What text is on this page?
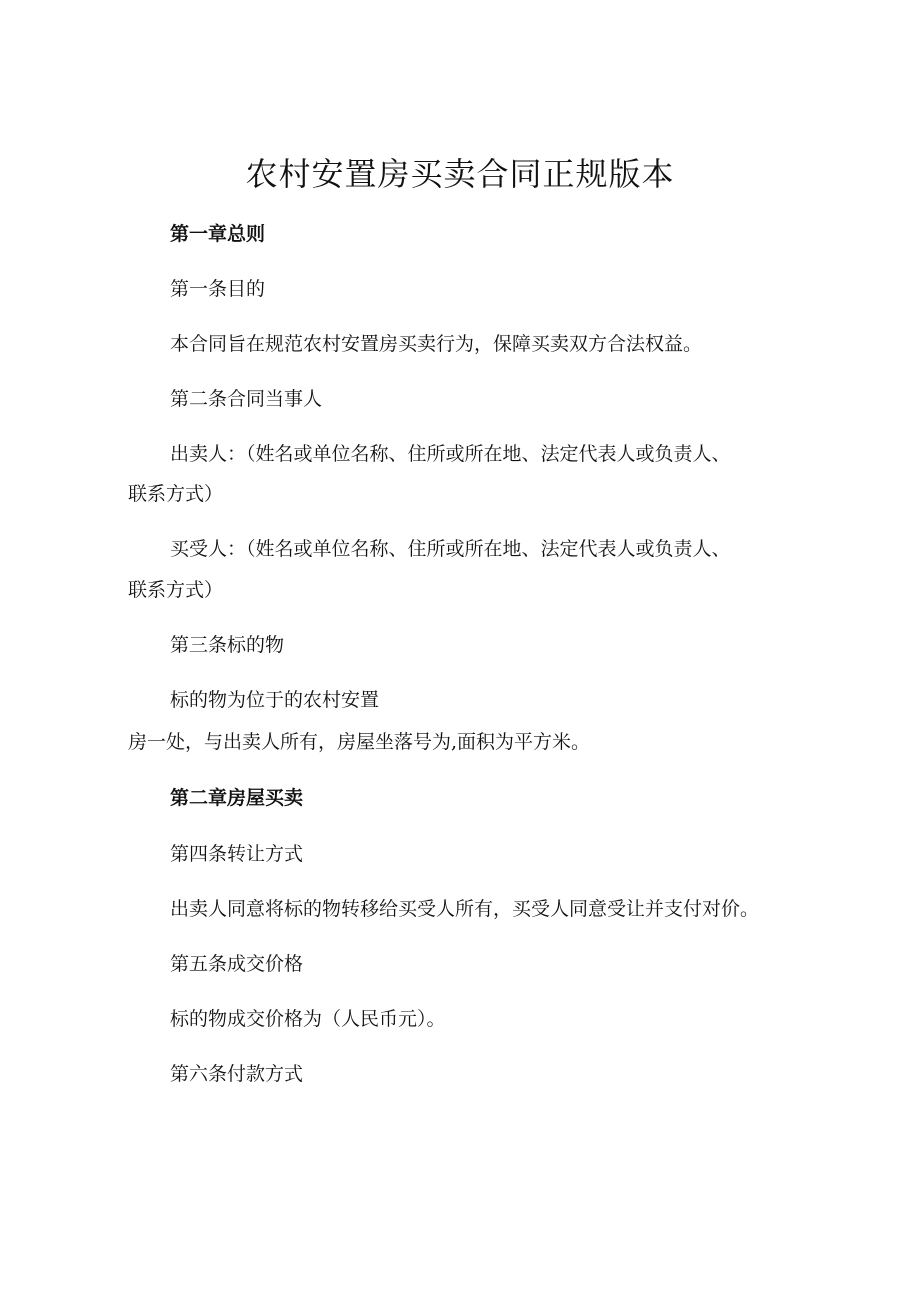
农村安置房买卖合同正规版本

第一章总则

第一条目的

本合同旨在规范农村安置房买卖行为，保障买卖双方合法权益。

第二条合同当事人

出卖人：（姓名或单位名称、住所或所在地、法定代表人或负责人、

联系方式）

买受人：（姓名或单位名称、住所或所在地、法定代表人或负责人、

联系方式）

第三条标的物

标的物为位于的农村安置

房一处，与出卖人所有，房屋坐落号为,面积为平方米。

第二章房屋买卖

第四条转让方式

出卖人同意将标的物转移给买受人所有，买受人同意受让并支付对价。

第五条成交价格

标的物成交价格为（人民币元）。

第六条付款方式
